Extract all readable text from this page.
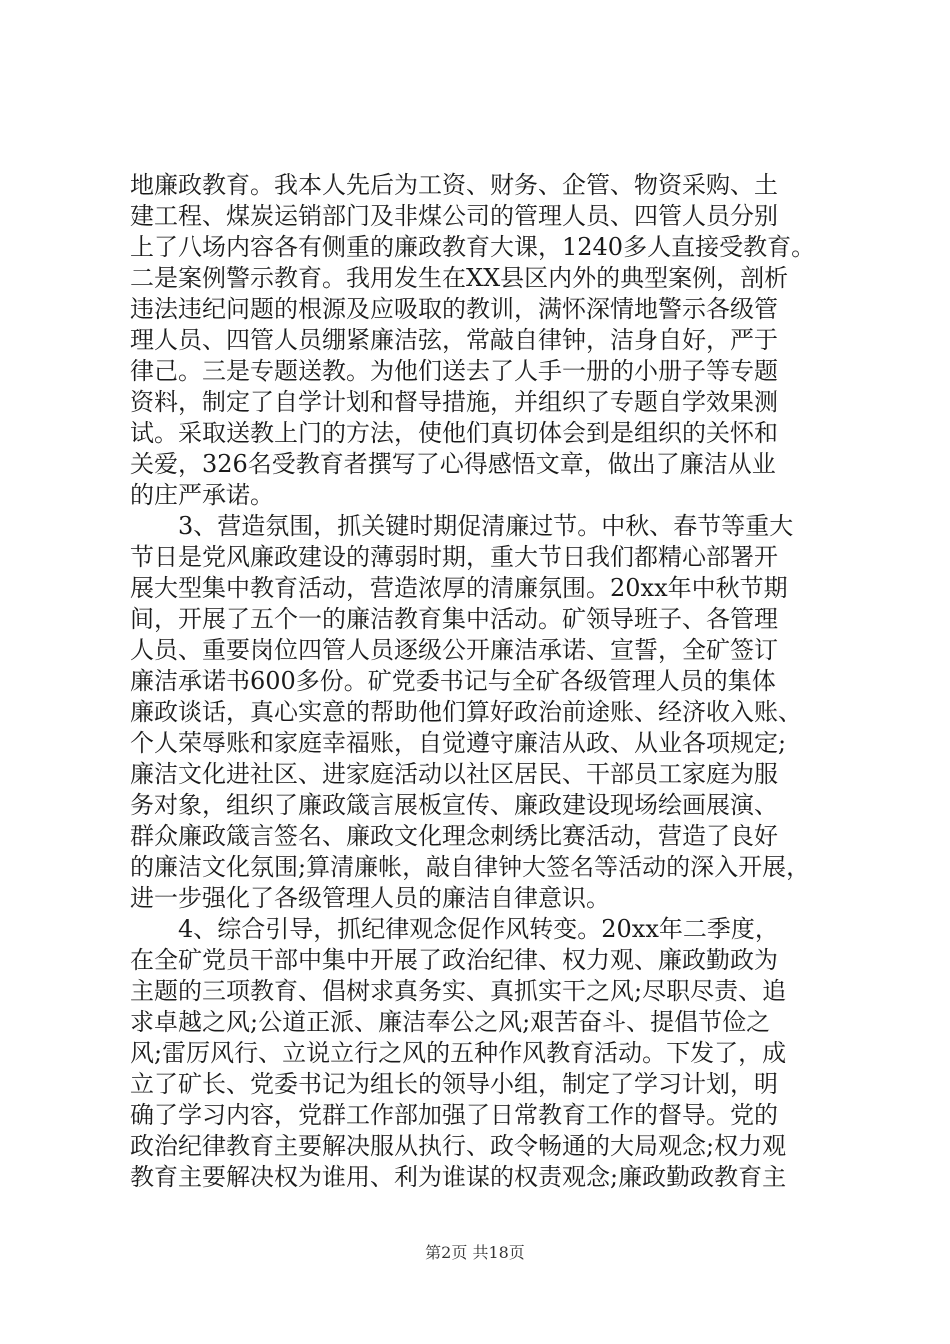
地廉政教育。我本人先后为工资、财务、企管、物资采购、土
建工程、煤炭运销部门及非煤公司的管理人员、四管人员分别
上了八场内容各有侧重的廉政教育大课，1240多人直接受教育。
二是案例警示教育。我用发生在XX县区内外的典型案例，剖析
违法违纪问题的根源及应吸取的教训，满怀深情地警示各级管
理人员、四管人员绷紧廉洁弦，常敲自律钟，洁身自好，严于
律己。三是专题送教。为他们送去了人手一册的小册子等专题
资料，制定了自学计划和督导措施，并组织了专题自学效果测
试。采取送教上门的方法，使他们真切体会到是组织的关怀和
关爱，326名受教育者撰写了心得感悟文章，做出了廉洁从业
的庄严承诺。
3、营造氛围，抓关键时期促清廉过节。中秋、春节等重大
节日是党风廉政建设的薄弱时期，重大节日我们都精心部署开
展大型集中教育活动，营造浓厚的清廉氛围。20xx年中秋节期
间，开展了五个一的廉洁教育集中活动。矿领导班子、各管理
人员、重要岗位四管人员逐级公开廉洁承诺、宣誓，全矿签订
廉洁承诺书600多份。矿党委书记与全矿各级管理人员的集体
廉政谈话，真心实意的帮助他们算好政治前途账、经济收入账、
个人荣辱账和家庭幸福账，自觉遵守廉洁从政、从业各项规定;
廉洁文化进社区、进家庭活动以社区居民、干部员工家庭为服
务对象，组织了廉政箴言展板宣传、廉政建设现场绘画展演、
群众廉政箴言签名、廉政文化理念刺绣比赛活动，营造了良好
的廉洁文化氛围;算清廉帐，敲自律钟大签名等活动的深入开展，
进一步强化了各级管理人员的廉洁自律意识。
4、综合引导，抓纪律观念促作风转变。20xx年二季度，
在全矿党员干部中集中开展了政治纪律、权力观、廉政勤政为
主题的三项教育、倡树求真务实、真抓实干之风;尽职尽责、追
求卓越之风;公道正派、廉洁奉公之风;艰苦奋斗、提倡节俭之
风;雷厉风行、立说立行之风的五种作风教育活动。下发了，成
立了矿长、党委书记为组长的领导小组，制定了学习计划，明
确了学习内容，党群工作部加强了日常教育工作的督导。党的
政治纪律教育主要解决服从执行、政令畅通的大局观念;权力观
教育主要解决权为谁用、利为谁谋的权责观念;廉政勤政教育主
第2页 共18页
